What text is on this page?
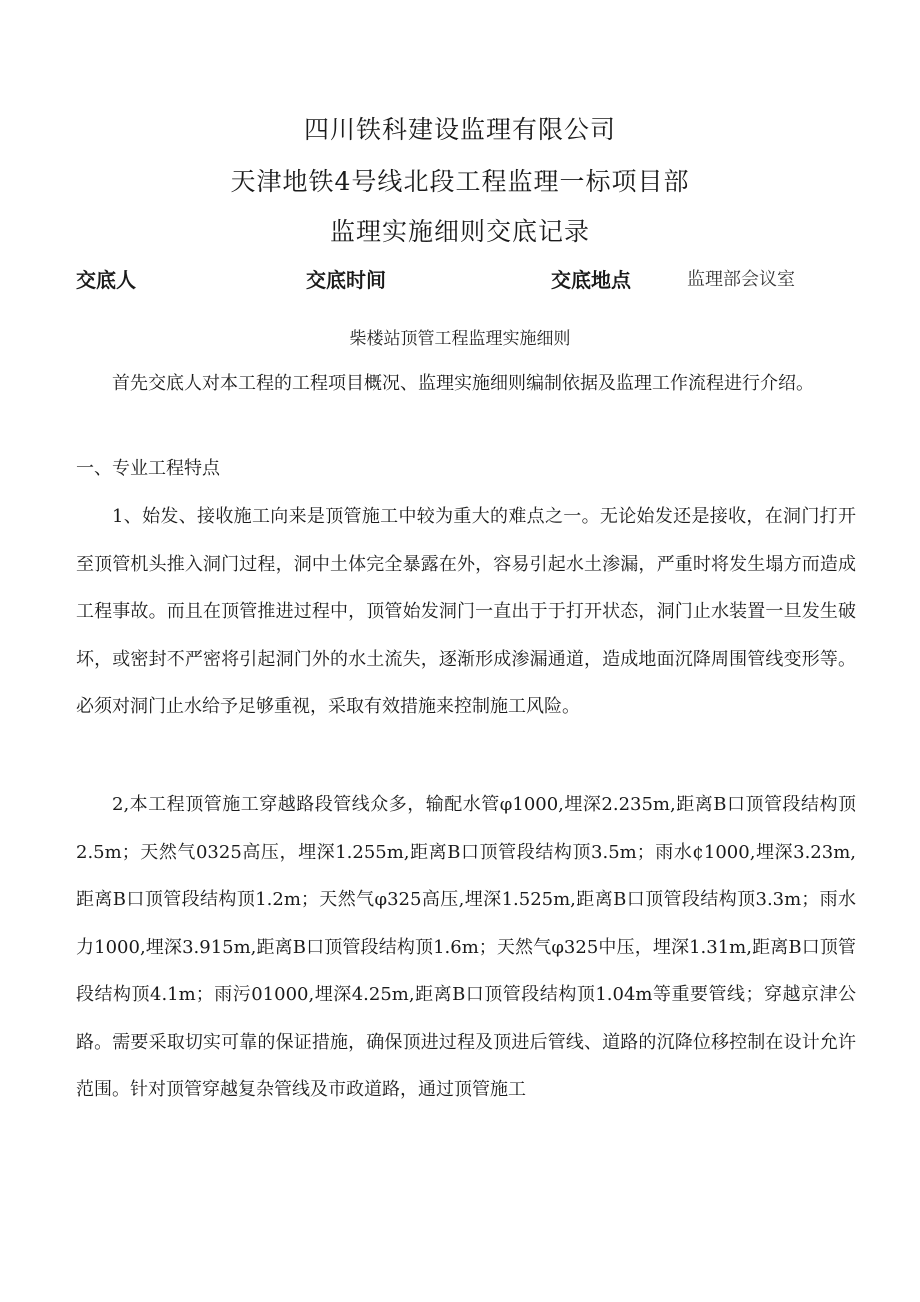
四川铁科建设监理有限公司
天津地铁4号线北段工程监理一标项目部
监理实施细则交底记录
交底人	交底时间	交底地点	监理部会议室
柴楼站顶管工程监理实施细则

首先交底人对本工程的工程项目概况、监理实施细则编制依据及监理工作流程进行介绍。

一、专业工程特点

1、始发、接收施工向来是顶管施工中较为重大的难点之一。无论始发还是接收，在洞门打开至顶管机头推入洞门过程，洞中土体完全暴露在外，容易引起水土渗漏，严重时将发生塌方而造成工程事故。而且在顶管推进过程中，顶管始发洞门一直出于于打开状态，洞门止水装置一旦发生破坏，或密封不严密将引起洞门外的水土流失，逐渐形成渗漏通道，造成地面沉降周围管线变形等。必须对洞门止水给予足够重视，采取有效措施来控制施工风险。

2,本工程顶管施工穿越路段管线众多，输配水管φ1000,埋深2.235m,距离B口顶管段结构顶2.5m；天然气0325高压，埋深1.255m,距离B口顶管段结构顶3.5m；雨水¢1000,埋深3.23m,距离B口顶管段结构顶1.2m；天然气φ325高压,埋深1.525m,距离B口顶管段结构顶3.3m；雨水力1000,埋深3.915m,距离B口顶管段结构顶1.6m；天然气φ325中压，埋深1.31m,距离B口顶管段结构顶4.1m；雨污01000,埋深4.25m,距离B口顶管段结构顶1.04m等重要管线；穿越京津公路。需要采取切实可靠的保证措施，确保顶进过程及顶进后管线、道路的沉降位移控制在设计允许范围。针对顶管穿越复杂管线及市政道路，通过顶管施工
